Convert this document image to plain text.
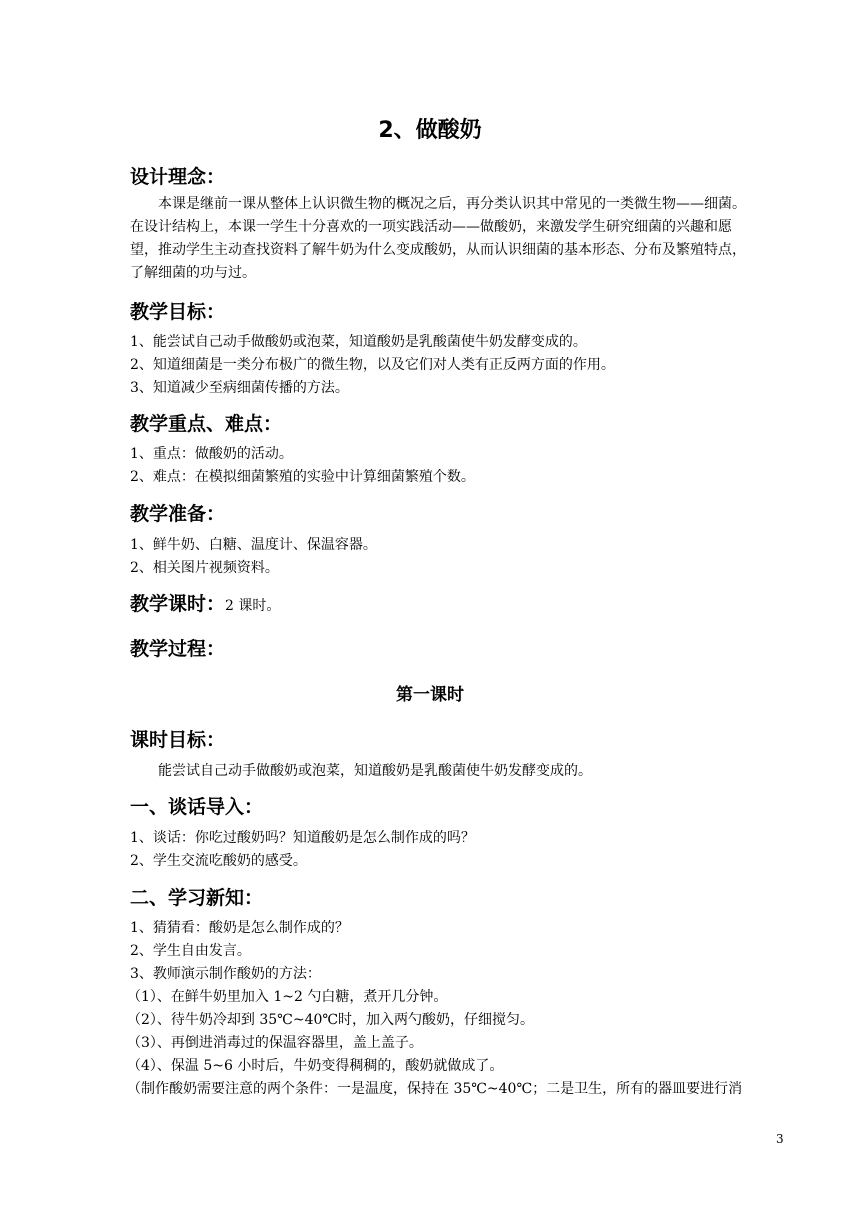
2、做酸奶
设计理念：
本课是继前一课从整体上认识微生物的概况之后，再分类认识其中常见的一类微生物——细菌。
在设计结构上，本课一学生十分喜欢的一项实践活动——做酸奶，来激发学生研究细菌的兴趣和愿
望，推动学生主动查找资料了解牛奶为什么变成酸奶，从而认识细菌的基本形态、分布及繁殖特点，
了解细菌的功与过。
教学目标：
1、能尝试自己动手做酸奶或泡菜，知道酸奶是乳酸菌使牛奶发酵变成的。
2、知道细菌是一类分布极广的微生物，以及它们对人类有正反两方面的作用。
3、知道减少至病细菌传播的方法。
教学重点、难点：
1、重点：做酸奶的活动。
2、难点：在模拟细菌繁殖的实验中计算细菌繁殖个数。
教学准备：
1、鲜牛奶、白糖、温度计、保温容器。
2、相关图片视频资料。
教学课时：2 课时。
教学过程：
第一课时
课时目标：
能尝试自己动手做酸奶或泡菜，知道酸奶是乳酸菌使牛奶发酵变成的。
一、谈话导入：
1、谈话：你吃过酸奶吗？知道酸奶是怎么制作成的吗？
2、学生交流吃酸奶的感受。
二、学习新知：
1、猜猜看：酸奶是怎么制作成的？
2、学生自由发言。
3、教师演示制作酸奶的方法：
（1）、在鲜牛奶里加入 1~2 勺白糖，煮开几分钟。
（2）、待牛奶冷却到 35℃~40℃时，加入两勺酸奶，仔细搅匀。
（3）、再倒进消毒过的保温容器里，盖上盖子。
（4）、保温 5~6 小时后，牛奶变得稠稠的，酸奶就做成了。
（制作酸奶需要注意的两个条件：一是温度，保持在 35℃~40℃；二是卫生，所有的器皿要进行消
3
